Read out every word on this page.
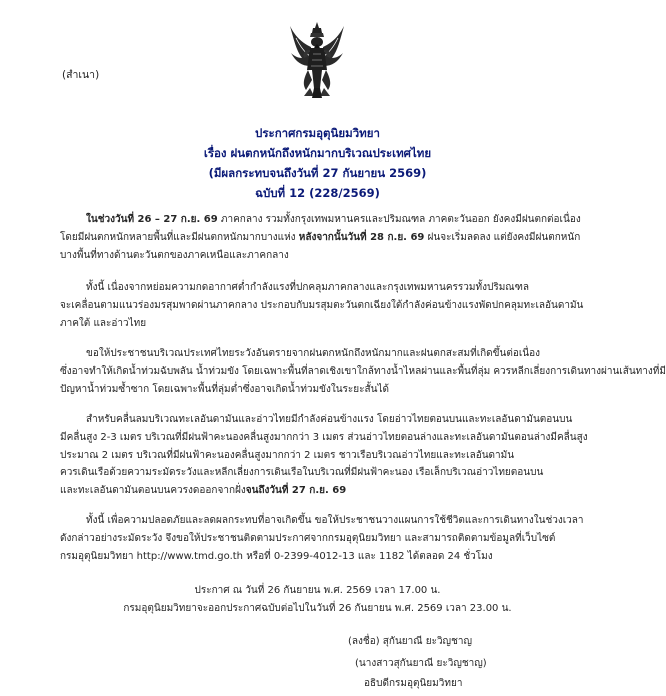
(สำเนา)
ประกาศกรมอุตุนิยมวิทยา
เรื่อง ฝนตกหนักถึงหนักมากบริเวณประเทศไทย
(มีผลกระทบจนถึงวันที่ 27 กันยายน 2569)
ฉบับที่ 12 (228/2569)
ในช่วงวันที่ 26 – 27 ก.ย. 69 ภาคกลาง รวมทั้งกรุงเทพมหานครและปริมณฑล ภาคตะวันออก ยังคงมีฝนตกต่อเนื่อง
โดยมีฝนตกหนักหลายพื้นที่และมีฝนตกหนักมากบางแห่ง หลังจากนั้นวันที่ 28 ก.ย. 69 ฝนจะเริ่มลดลง แต่ยังคงมีฝนตกหนัก
บางพื้นที่ทางด้านตะวันตกของภาคเหนือและภาคกลาง
ทั้งนี้ เนื่องจากหย่อมความกดอากาศต่ำกำลังแรงที่ปกคลุมภาคกลางและกรุงเทพมหานครรวมทั้งปริมณฑล
จะเคลื่อนตามแนวร่องมรสุมพาดผ่านภาคกลาง ประกอบกับมรสุมตะวันตกเฉียงใต้กำลังค่อนข้างแรงพัดปกคลุมทะเลอันดามัน
ภาคใต้ และอ่าวไทย
ขอให้ประชาชนบริเวณประเทศไทยระวังอันตรายจากฝนตกหนักถึงหนักมากและฝนตกสะสมที่เกิดขึ้นต่อเนื่อง
ซึ่งอาจทำให้เกิดน้ำท่วมฉับพลัน น้ำท่วมขัง โดยเฉพาะพื้นที่ลาดเชิงเขาใกล้ทางน้ำไหลผ่านและพื้นที่ลุ่ม ควรหลีกเลี่ยงการเดินทางผ่านเส้นทางที่มี
ปัญหาน้ำท่วมซ้ำซาก โดยเฉพาะพื้นที่ลุ่มต่ำซึ่งอาจเกิดน้ำท่วมขังในระยะสั้นได้
สำหรับคลื่นลมบริเวณทะเลอันดามันและอ่าวไทยมีกำลังค่อนข้างแรง โดยอ่าวไทยตอนบนและทะเลอันดามันตอนบน
มีคลื่นสูง 2-3 เมตร บริเวณที่มีฝนฟ้าคะนองคลื่นสูงมากกว่า 3 เมตร ส่วนอ่าวไทยตอนล่างและทะเลอันดามันตอนล่างมีคลื่นสูง
ประมาณ 2 เมตร บริเวณที่มีฝนฟ้าคะนองคลื่นสูงมากกว่า 2 เมตร ชาวเรือบริเวณอ่าวไทยและทะเลอันดามัน
ควรเดินเรือด้วยความระมัดระวังและหลีกเลี่ยงการเดินเรือในบริเวณที่มีฝนฟ้าคะนอง เรือเล็กบริเวณอ่าวไทยตอนบน
และทะเลอันดามันตอนบนควรงดออกจากฝั่งจนถึงวันที่ 27 ก.ย. 69
ทั้งนี้ เพื่อความปลอดภัยและลดผลกระทบที่อาจเกิดขึ้น ขอให้ประชาชนวางแผนการใช้ชีวิตและการเดินทางในช่วงเวลา
ดังกล่าวอย่างระมัดระวัง จึงขอให้ประชาชนติดตามประกาศจากกรมอุตุนิยมวิทยา และสามารถติดตามข้อมูลที่เว็บไซต์
กรมอุตุนิยมวิทยา http://www.tmd.go.th หรือที่ 0-2399-4012-13 และ 1182 ได้ตลอด 24 ชั่วโมง
ประกาศ ณ วันที่ 26 กันยายน พ.ศ. 2569 เวลา 17.00 น.
กรมอุตุนิยมวิทยาจะออกประกาศฉบับต่อไปในวันที่ 26 กันยายน พ.ศ. 2569 เวลา 23.00 น.
(ลงชื่อ) สุกันยาณี ยะวิญชาญ
(นางสาวสุกันยาณี ยะวิญชาญ)
อธิบดีกรมอุตุนิยมวิทยา
